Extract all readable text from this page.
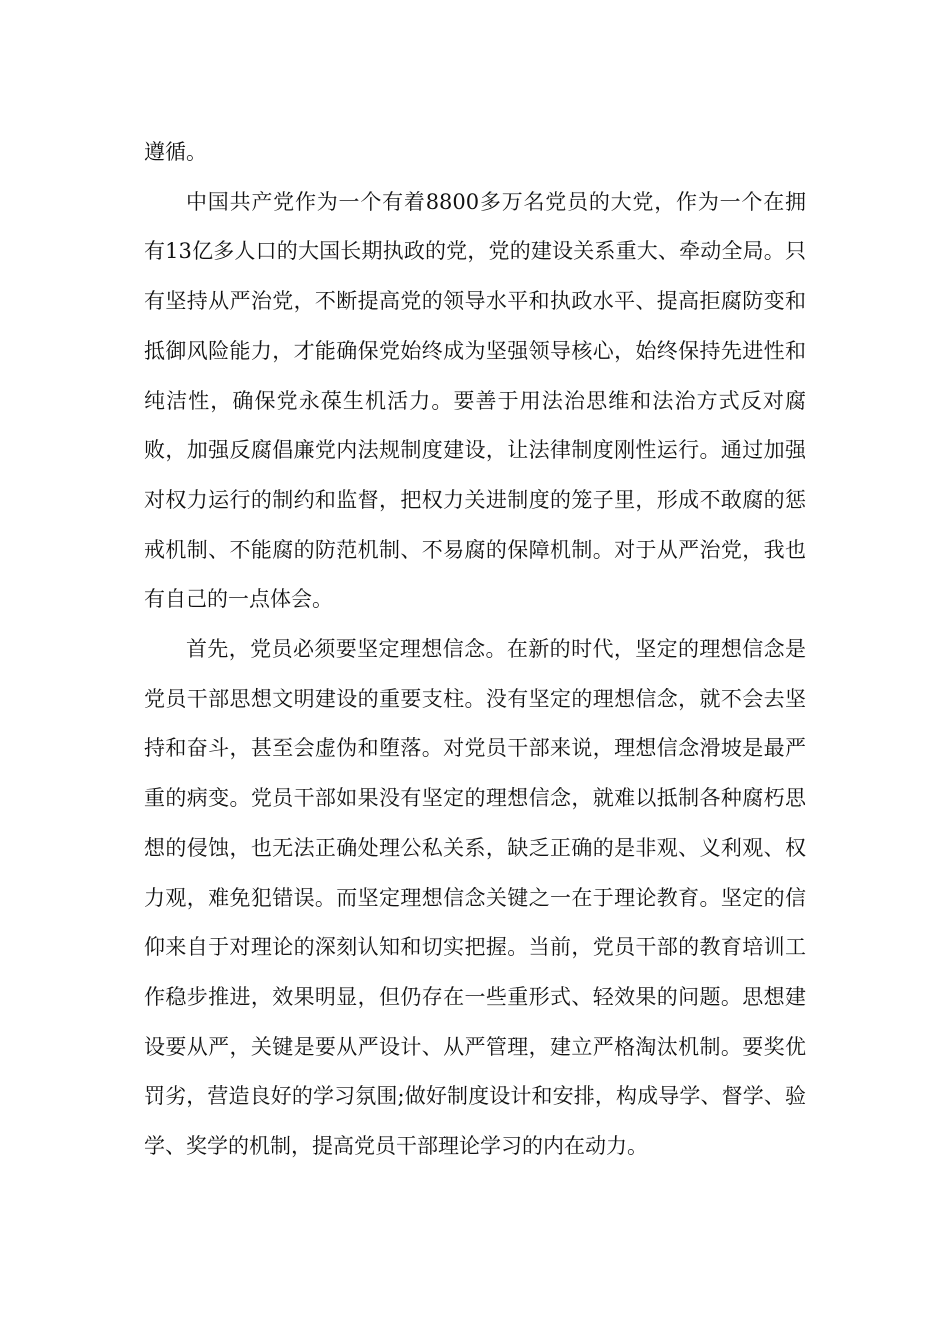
遵循。

中国共产党作为一个有着8800多万名党员的大党，作为一个在拥有13亿多人口的大国长期执政的党，党的建设关系重大、牵动全局。只有坚持从严治党，不断提高党的领导水平和执政水平、提高拒腐防变和抵御风险能力，才能确保党始终成为坚强领导核心，始终保持先进性和纯洁性，确保党永葆生机活力。要善于用法治思维和法治方式反对腐败，加强反腐倡廉党内法规制度建设，让法律制度刚性运行。通过加强对权力运行的制约和监督，把权力关进制度的笼子里，形成不敢腐的惩戒机制、不能腐的防范机制、不易腐的保障机制。对于从严治党，我也有自己的一点体会。

首先，党员必须要坚定理想信念。在新的时代，坚定的理想信念是党员干部思想文明建设的重要支柱。没有坚定的理想信念，就不会去坚持和奋斗，甚至会虚伪和堕落。对党员干部来说，理想信念滑坡是最严重的病变。党员干部如果没有坚定的理想信念，就难以抵制各种腐朽思想的侵蚀，也无法正确处理公私关系，缺乏正确的是非观、义利观、权力观，难免犯错误。而坚定理想信念关键之一在于理论教育。坚定的信仰来自于对理论的深刻认知和切实把握。当前，党员干部的教育培训工作稳步推进，效果明显，但仍存在一些重形式、轻效果的问题。思想建设要从严，关键是要从严设计、从严管理，建立严格淘汰机制。要奖优罚劣，营造良好的学习氛围;做好制度设计和安排，构成导学、督学、验学、奖学的机制，提高党员干部理论学习的内在动力。
